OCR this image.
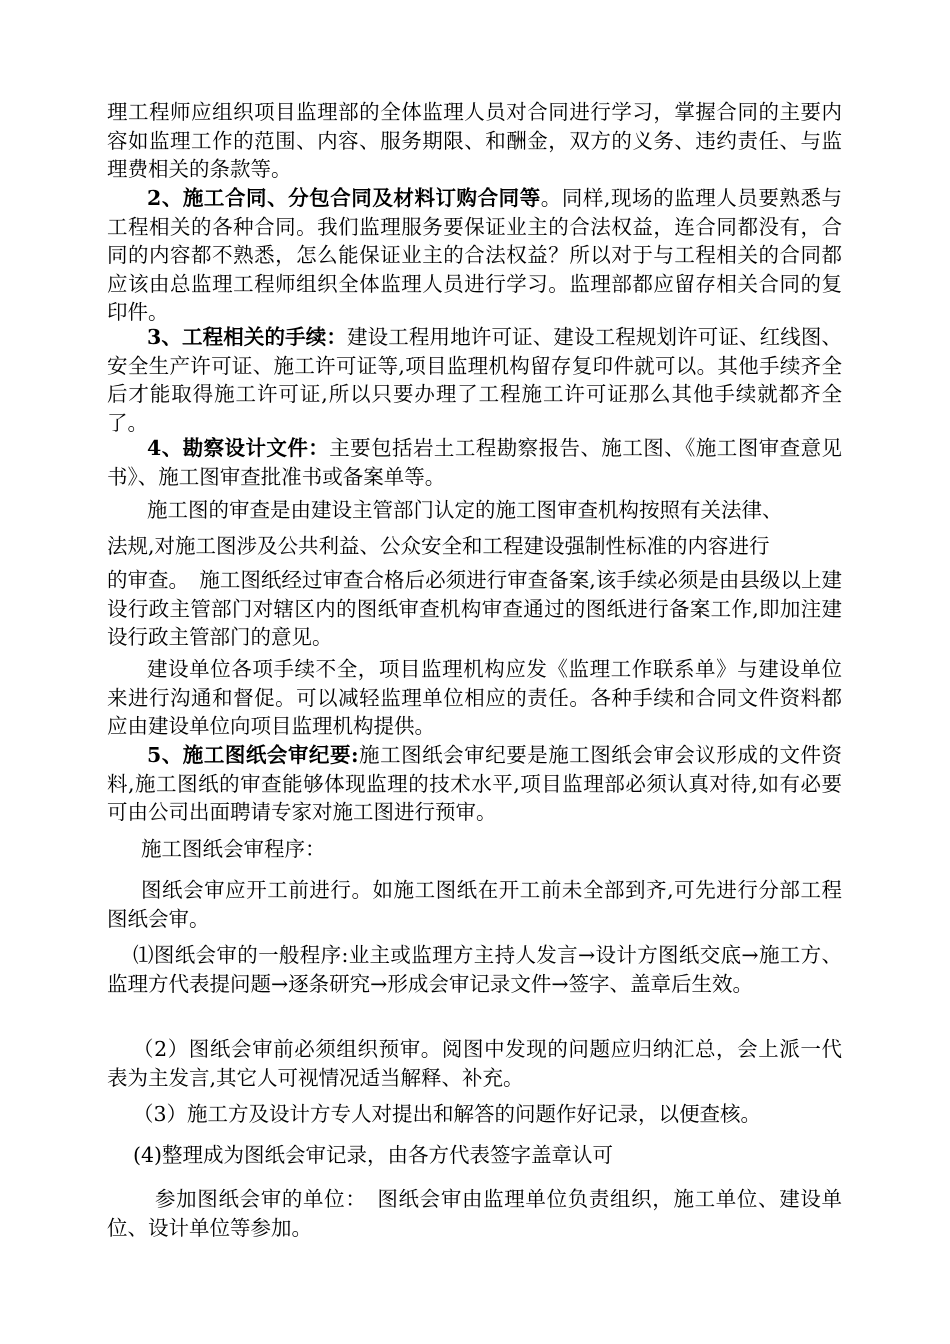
理工程师应组织项目监理部的全体监理人员对合同进行学习，掌握合同的主要内容如监理工作的范围、内容、服务期限、和酬金，双方的义务、违约责任、与监理费相关的条款等。

2、施工合同、分包合同及材料订购合同等。同样,现场的监理人员要熟悉与工程相关的各种合同。我们监理服务要保证业主的合法权益，连合同都没有，合同的内容都不熟悉，怎么能保证业主的合法权益？所以对于与工程相关的合同都应该由总监理工程师组织全体监理人员进行学习。监理部都应留存相关合同的复印件。

3、工程相关的手续：建设工程用地许可证、建设工程规划许可证、红线图、安全生产许可证、施工许可证等,项目监理机构留存复印件就可以。其他手续齐全后才能取得施工许可证,所以只要办理了工程施工许可证那么其他手续就都齐全了。

4、勘察设计文件：主要包括岩土工程勘察报告、施工图、《施工图审查意见书》、施工图审查批准书或备案单等。

施工图的审查是由建设主管部门认定的施工图审查机构按照有关法律、
法规,对施工图涉及公共利益、公众安全和工程建设强制性标准的内容进行

的审查。　施工图纸经过审查合格后必须进行审查备案,该手续必须是由县级以上建设行政主管部门对辖区内的图纸审查机构审查通过的图纸进行备案工作,即加注建设行政主管部门的意见。

建设单位各项手续不全，项目监理机构应发《监理工作联系单》与建设单位来进行沟通和督促。可以减轻监理单位相应的责任。各种手续和合同文件资料都应由建设单位向项目监理机构提供。

5、施工图纸会审纪要:施工图纸会审纪要是施工图纸会审会议形成的文件资料,施工图纸的审查能够体现监理的技术水平,项目监理部必须认真对待,如有必要可由公司出面聘请专家对施工图进行预审。

施工图纸会审程序：

图纸会审应开工前进行。如施工图纸在开工前未全部到齐,可先进行分部工程图纸会审。

⑴图纸会审的一般程序:业主或监理方主持人发言→设计方图纸交底→施工方、监理方代表提问题→逐条研究→形成会审记录文件→签字、盖章后生效。

（2）图纸会审前必须组织预审。阅图中发现的问题应归纳汇总，会上派一代表为主发言,其它人可视情况适当解释、补充。

（3）施工方及设计方专人对提出和解答的问题作好记录，以便查核。

(4)整理成为图纸会审记录，由各方代表签字盖章认可

参加图纸会审的单位：　图纸会审由监理单位负责组织，施工单位、建设单位、设计单位等参加。
